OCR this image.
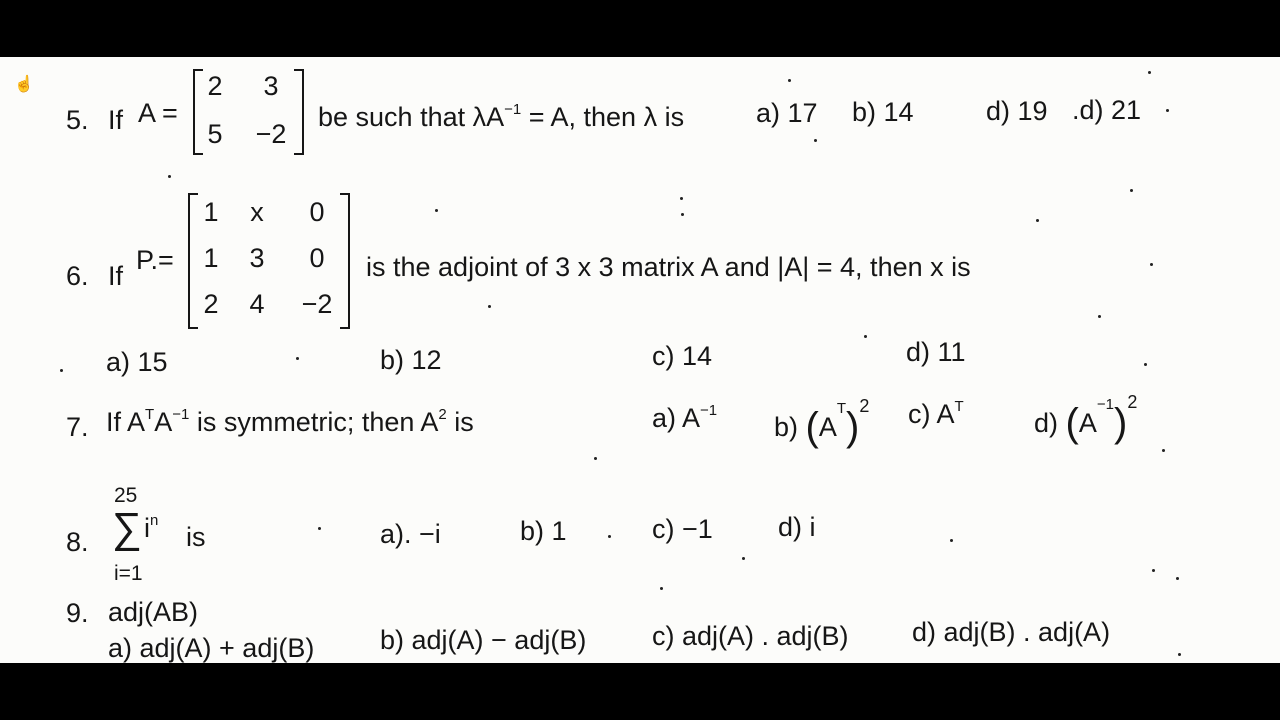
☝
5. If A =
2	3
5	−2
be such that $\lambda A^{-1} = A$, then λ is	a) 17 b) 14	d) 19 .d) 21
6. If
P.=
1	x	0
1	3	0
2	4	−2
is the adjoint of 3 x 3 matrix A and |A| = 4, then x is
a) 15	b) 12	c) 14	d) 11
7. If $A^TA^{-1}$ is symmetric; then $A^2$ is	a) $A^{-1}$
b) $(A^T)^2$ c) $A^T$
d) $(A^{-1})^2$
8.
25
∑ $i^n$
i=1
is	a). −i	b) 1	c) −1 d) i
9. adj(AB)
a) adj(A) + adj(B) b) adj(A) − adj(B) c) adj(A) . adj(B) d) adj(B) . adj(A)
